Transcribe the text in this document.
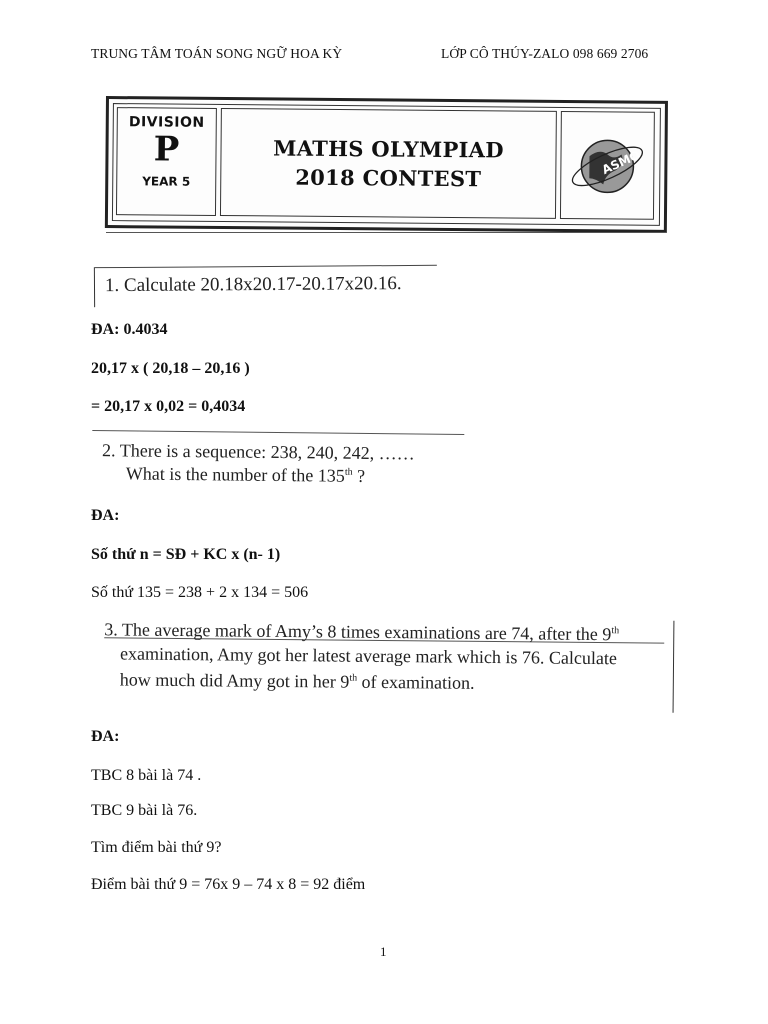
TRUNG TÂM TOÁN SONG NGỮ HOA KỲ	LỚP CÔ THÚY-ZALO 098 669 2706
DIVISION
P
YEAR 5
MATHS OLYMPIAD
2018 CONTEST
ASMO
1. Calculate 20.18x20.17-20.17x20.16.
ĐA: 0.4034
20,17 x ( 20,18 – 20,16 )
= 20,17 x 0,02 = 0,4034
2. There is a sequence: 238, 240, 242, ……
What is the number of the 135th ?
ĐA:
Số thứ n = SĐ + KC x (n- 1)
Số thứ 135 = 238 + 2 x 134 = 506
3. The average mark of Amy’s 8 times examinations are 74, after the 9th
examination, Amy got her latest average mark which is 76. Calculate
how much did Amy got in her 9th of examination.
ĐA:
TBC 8 bài là 74 .
TBC 9 bài là 76.
Tìm điểm bài thứ 9?
Điểm bài thứ 9 = 76x 9 – 74 x 8 = 92 điểm
1
